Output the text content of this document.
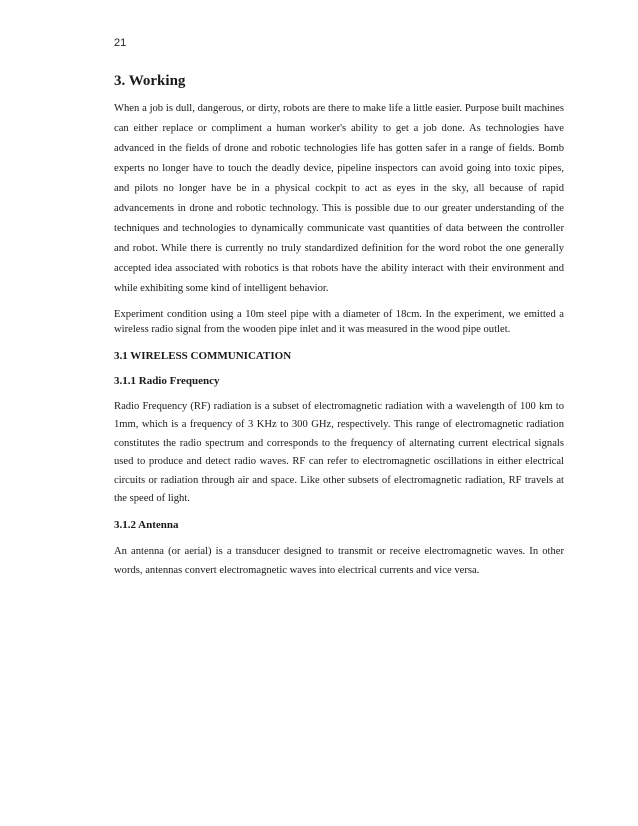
21
3. Working

When a job is dull, dangerous, or dirty, robots are there to make life a little easier. Purpose built machines can either replace or compliment a human worker's ability to get a job done. As technologies have advanced in the fields of drone and robotic technologies life has gotten safer in a range of fields. Bomb experts no longer have to touch the deadly device, pipeline inspectors can avoid going into toxic pipes, and pilots no longer have be in a physical cockpit to act as eyes in the sky, all because of rapid advancements in drone and robotic technology. This is possible due to our greater understanding of the techniques and technologies to dynamically communicate vast quantities of data between the controller and robot. While there is currently no truly standardized definition for the word robot the one generally accepted idea associated with robotics is that robots have the ability interact with their environment and while exhibiting some kind of intelligent behavior.

Experiment condition using a 10m steel pipe with a diameter of 18cm. In the experiment, we emitted a wireless radio signal from the wooden pipe inlet and it was measured in the wood pipe outlet.

3.1 WIRELESS COMMUNICATION
3.1.1 Radio Frequency

Radio Frequency (RF) radiation is a subset of electromagnetic radiation with a wavelength of 100 km to 1mm, which is a frequency of 3 KHz to 300 GHz, respectively. This range of electromagnetic radiation constitutes the radio spectrum and corresponds to the frequency of alternating current electrical signals used to produce and detect radio waves. RF can refer to electromagnetic oscillations in either electrical circuits or radiation through air and space. Like other subsets of electromagnetic radiation, RF travels at the speed of light.

3.1.2 Antenna

An antenna (or aerial) is a transducer designed to transmit or receive electromagnetic waves. In other words, antennas convert electromagnetic waves into electrical currents and vice versa.
